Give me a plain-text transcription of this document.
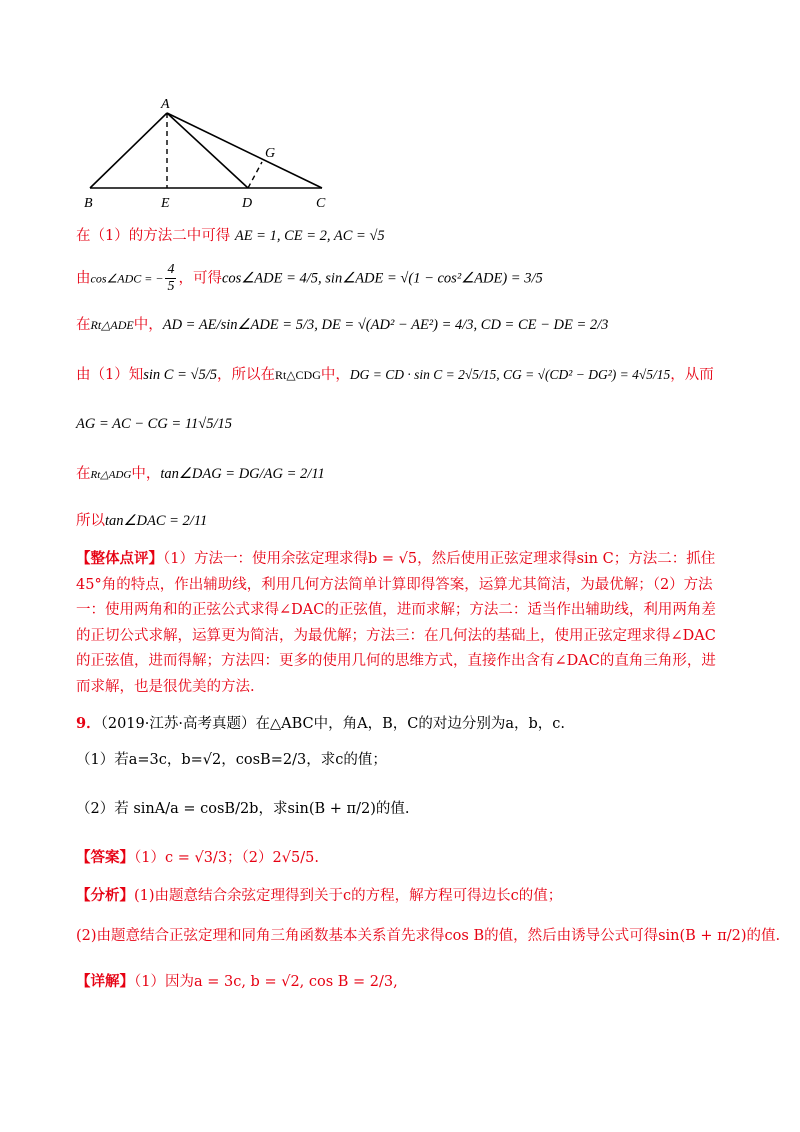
A
B	E	D	C
G
在（1）的方法二中可得 AE = 1, CE = 2, AC = √5
由cos∠ADC = − $\frac{4}{5}$ ，可得cos∠ADE = 4/5, sin∠ADE = √(1 − cos²∠ADE) = 3/5
在Rt△ADE中，AD = AE/sin∠ADE = 5/3, DE = √(AD² − AE²) = 4/3, CD = CE − DE = 2/3
由（1）知sin C = √5/5，所以在Rt△CDG中，DG = CD · sin C = 2√5/15, CG = √(CD² − DG²) = 4√5/15，从而
AG = AC − CG = 11√5/15
在Rt△ADG中，tan∠DAG = DG/AG = 2/11
所以tan∠DAC = 2/11
【整体点评】（1）方法一：使用余弦定理求得b = √5，然后使用正弦定理求得sin C；方法二：抓住45°角的特点，作出辅助线，利用几何方法简单计算即得答案，运算尤其简洁，为最优解；（2）方法一：使用两角和的正弦公式求得∠DAC的正弦值，进而求解；方法二：适当作出辅助线，利用两角差的正切公式求解，运算更为简洁，为最优解；方法三：在几何法的基础上，使用正弦定理求得∠DAC的正弦值，进而得解；方法四：更多的使用几何的思维方式，直接作出含有∠DAC的直角三角形，进而求解，也是很优美的方法.
9．（2019·江苏·高考真题）在△ABC中，角A，B，C的对边分别为a，b，c.
（1）若a=3c，b=√2，cosB=2/3，求c的值；
（2）若 sinA/a = cosB/2b，求sin(B + π/2)的值.
【答案】（1）c = √3/3；（2）2√5/5.
【分析】(1)由题意结合余弦定理得到关于c的方程，解方程可得边长c的值；
(2)由题意结合正弦定理和同角三角函数基本关系首先求得cos B的值，然后由诱导公式可得sin(B + π/2)的值.
【详解】（1）因为a = 3c, b = √2, cos B = 2/3,
